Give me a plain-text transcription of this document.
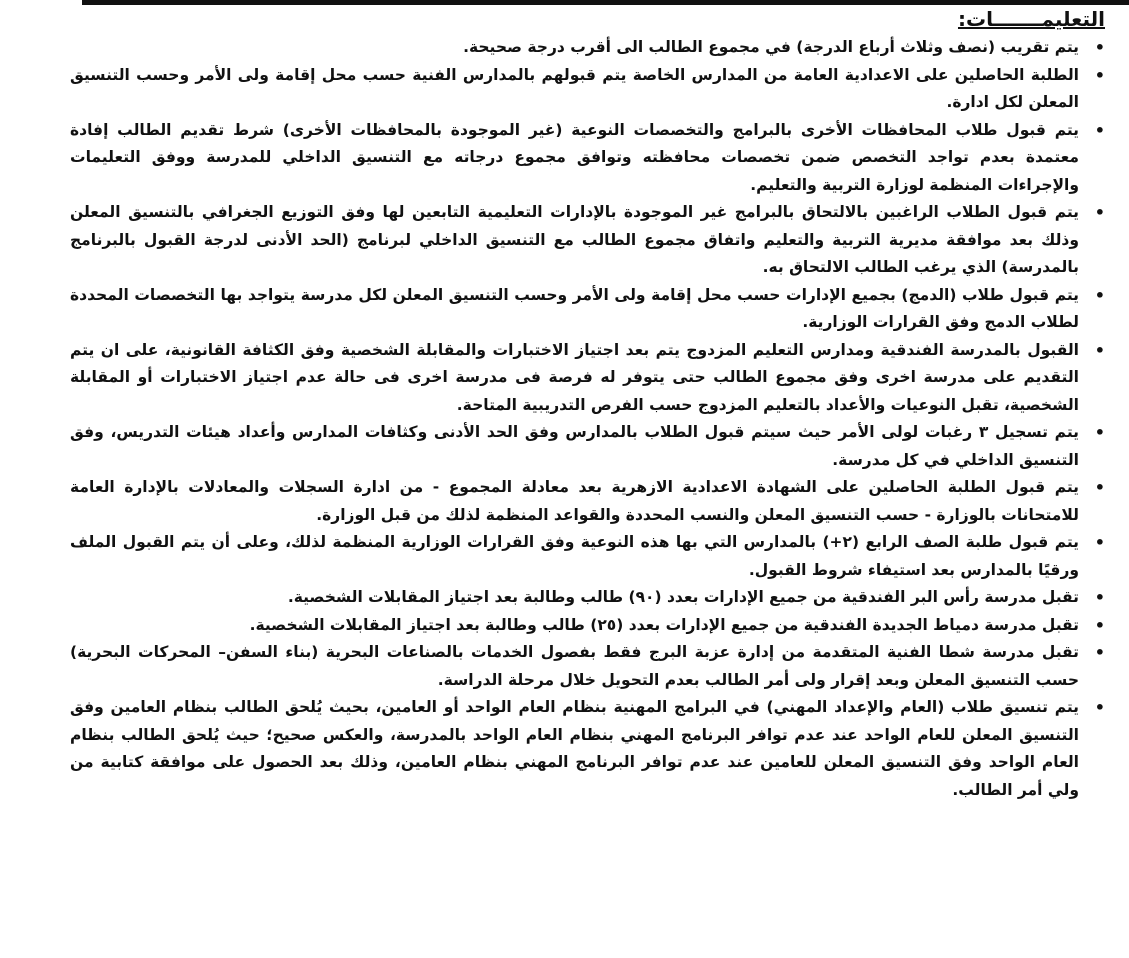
التعليمـــــــات:
•
يتم تقريب (نصف وثلاث أرباع الدرجة) في مجموع الطالب الى أقرب درجة صحيحة.
•
الطلبة الحاصلين على الاعدادية العامة من المدارس الخاصة يتم قبولهم بالمدارس الفنية حسب محل إقامة ولى الأمر وحسب التنسيق المعلن لكل ادارة.
•
يتم قبول طلاب المحافظات الأخرى بالبرامج والتخصصات النوعية (غير الموجودة بالمحافظات الأخرى) شرط تقديم الطالب إفادة معتمدة بعدم تواجد التخصص ضمن تخصصات محافظته وتوافق مجموع درجاته مع التنسيق الداخلي للمدرسة ووفق التعليمات والإجراءات المنظمة لوزارة التربية والتعليم.
•
يتم قبول الطلاب الراغبين بالالتحاق بالبرامج غير الموجودة بالإدارات التعليمية التابعين لها وفق التوزيع الجغرافي بالتنسيق المعلن وذلك بعد موافقة مديرية التربية والتعليم واتفاق مجموع الطالب مع التنسيق الداخلي لبرنامج (الحد الأدنى لدرجة القبول بالبرنامج بالمدرسة) الذي يرغب الطالب الالتحاق به.
•
يتم قبول طلاب (الدمج) بجميع الإدارات حسب محل إقامة ولى الأمر وحسب التنسيق المعلن لكل مدرسة يتواجد بها التخصصات المحددة لطلاب الدمج وفق القرارات الوزارية.
•
القبول بالمدرسة الفندقية ومدارس التعليم المزدوج يتم بعد اجتياز الاختبارات والمقابلة الشخصية وفق الكثافة القانونية، على ان يتم التقديم على مدرسة اخرى وفق مجموع الطالب حتى يتوفر له فرصة فى مدرسة اخرى فى حالة عدم اجتياز الاختبارات أو المقابلة الشخصية، تقبل النوعيات والأعداد بالتعليم المزدوج حسب الفرص التدريبية المتاحة.
•
يتم تسجيل ٣ رغبات لولى الأمر حيث سيتم قبول الطلاب بالمدارس وفق الحد الأدنى وكثافات المدارس وأعداد هيئات التدريس، وفق التنسيق الداخلي في كل مدرسة.
•
يتم قبول الطلبة الحاصلين على الشهادة الاعدادية الازهرية بعد معادلة المجموع - من ادارة السجلات والمعادلات بالإدارة العامة للامتحانات بالوزارة - حسب التنسيق المعلن والنسب المحددة والقواعد المنظمة لذلك من قبل الوزارة.
•
يتم قبول طلبة الصف الرابع (٢+) بالمدارس التي بها هذه النوعية وفق القرارات الوزارية المنظمة لذلك، وعلى أن يتم القبول الملف ورقيًا بالمدارس بعد استيفاء شروط القبول.
•
تقبل مدرسة رأس البر الفندقية من جميع الإدارات بعدد (٩٠) طالب وطالبة بعد اجتياز المقابلات الشخصية.
•
تقبل مدرسة دمياط الجديدة الفندقية من جميع الإدارات بعدد (٢٥) طالب وطالبة بعد اجتياز المقابلات الشخصية.
•
تقبل مدرسة شطا الفنية المتقدمة من إدارة عزبة البرج فقط بفصول الخدمات بالصناعات البحرية (بناء السفن– المحركات البحرية) حسب التنسيق المعلن وبعد إقرار ولى أمر الطالب بعدم التحويل خلال مرحلة الدراسة.
•
يتم تنسيق طلاب (العام والإعداد المهني) في البرامج المهنية بنظام العام الواحد أو العامين، بحيث يُلحق الطالب بنظام العامين وفق التنسيق المعلن للعام الواحد عند عدم توافر البرنامج المهني بنظام العام الواحد بالمدرسة، والعكس صحيح؛ حيث يُلحق الطالب بنظام العام الواحد وفق التنسيق المعلن للعامين عند عدم توافر البرنامج المهني بنظام العامين، وذلك بعد الحصول على موافقة كتابية من ولي أمر الطالب.
